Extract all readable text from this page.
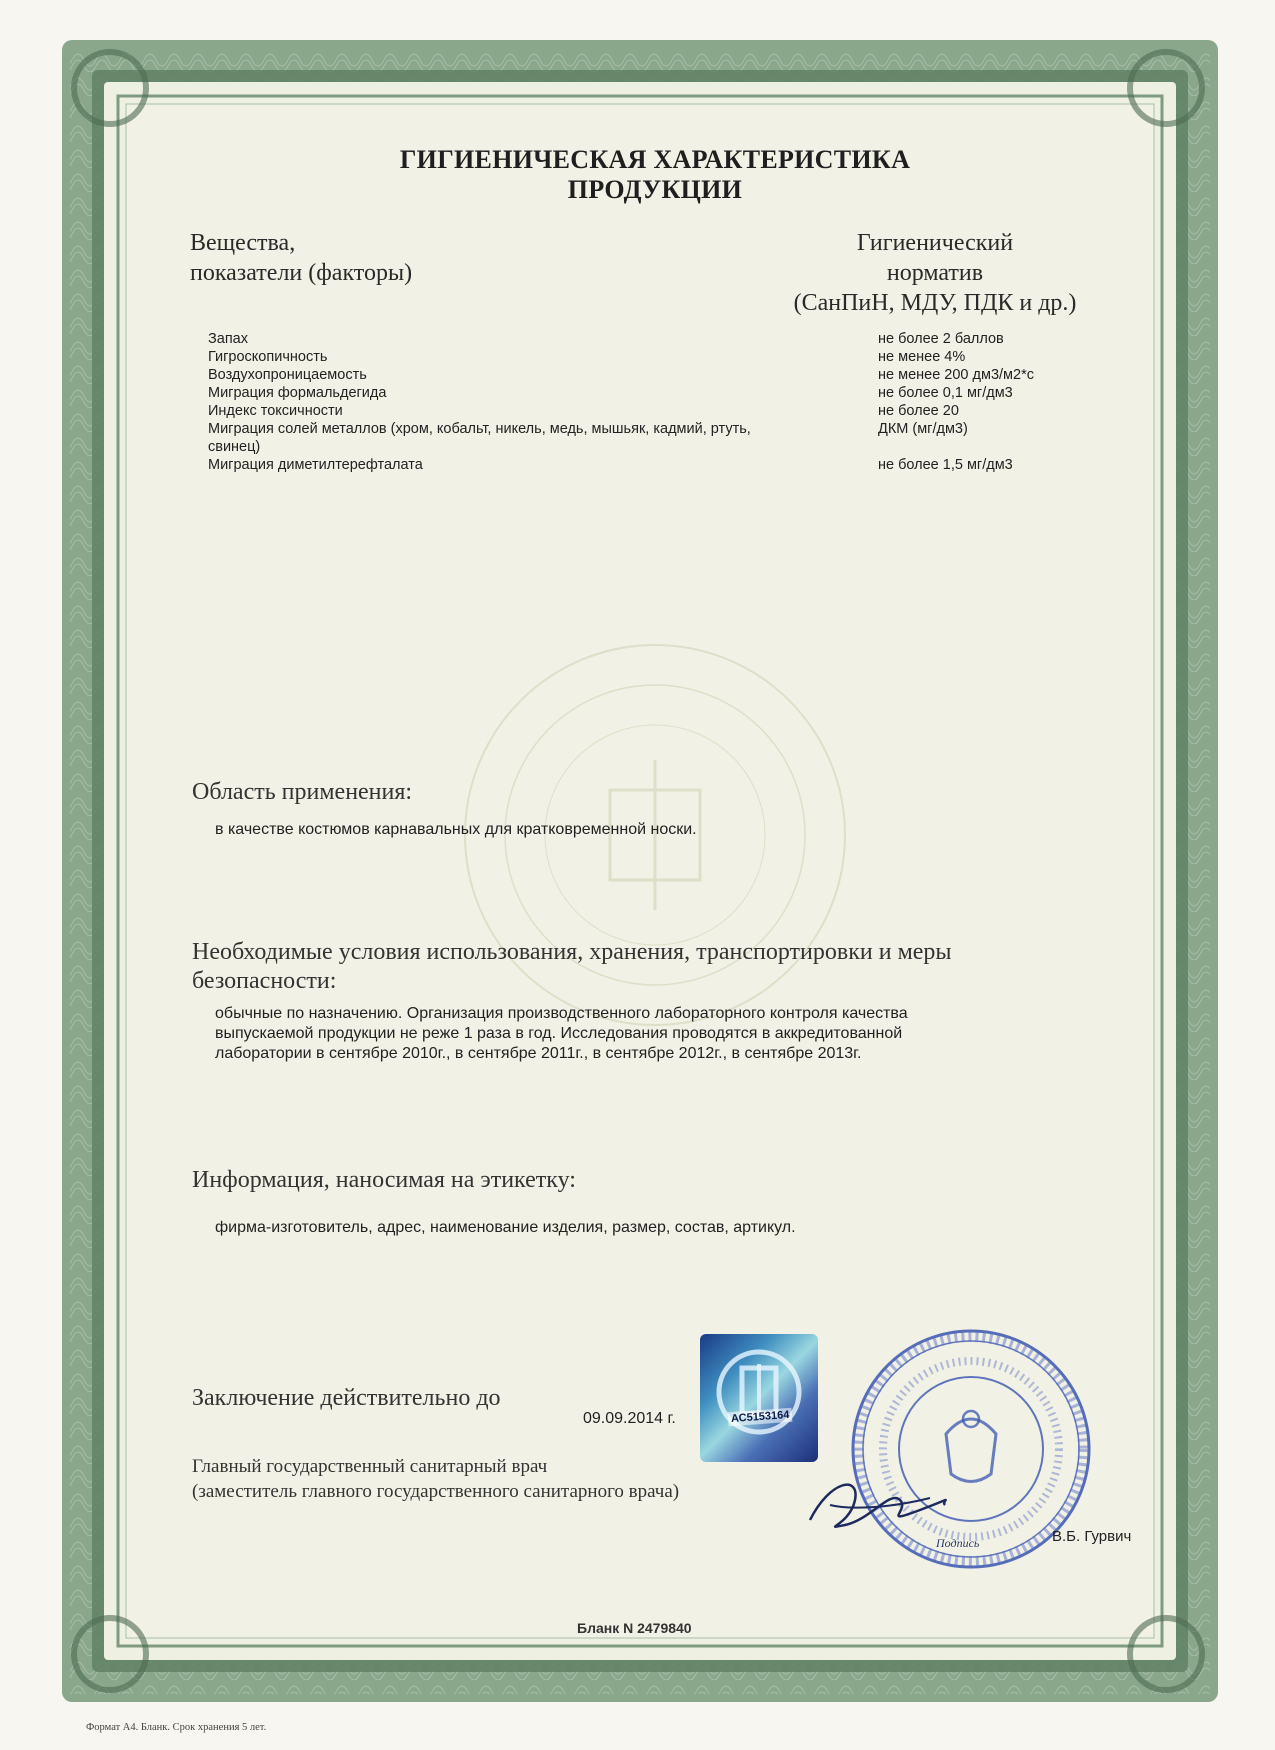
ГИГИЕНИЧЕСКАЯ ХАРАКТЕРИСТИКА ПРОДУКЦИИ
Вещества,
показатели (факторы)
Гигиенический
норматив
(СанПиН, МДУ, ПДК и др.)
Запах	не более 2 баллов
Гигроскопичность	не менее 4%
Воздухопроницаемость	не менее 200 дм3/м2*с
Миграция формальдегида	не более 0,1 мг/дм3
Индекс токсичности	не более 20
Миграция солей металлов (хром, кобальт, никель, медь, мышьяк, кадмий, ртуть,	ДКМ (мг/дм3)
свинец)
Миграция диметилтерефталата	не более 1,5 мг/дм3
Область применения:
в качестве костюмов карнавальных для кратковременной носки.
Необходимые условия использования, хранения, транспортировки и меры
безопасности:
обычные по назначению. Организация производственного лабораторного контроля качества
выпускаемой продукции не реже 1 раза в год. Исследования проводятся в аккредитованной
лаборатории в сентябре 2010г., в сентябре 2011г., в сентябре 2012г., в сентябре 2013г.
Информация, наносимая на этикетку:
фирма-изготовитель, адрес, наименование изделия, размер, состав, артикул.
Заключение действительно до
09.09.2014 г.
Главный государственный санитарный врач
(заместитель главного государственного санитарного врача)
АС5153164
Подпись	В.Б. Гурвич
Бланк N 2479840
Формат А4. Бланк. Срок хранения 5 лет.
